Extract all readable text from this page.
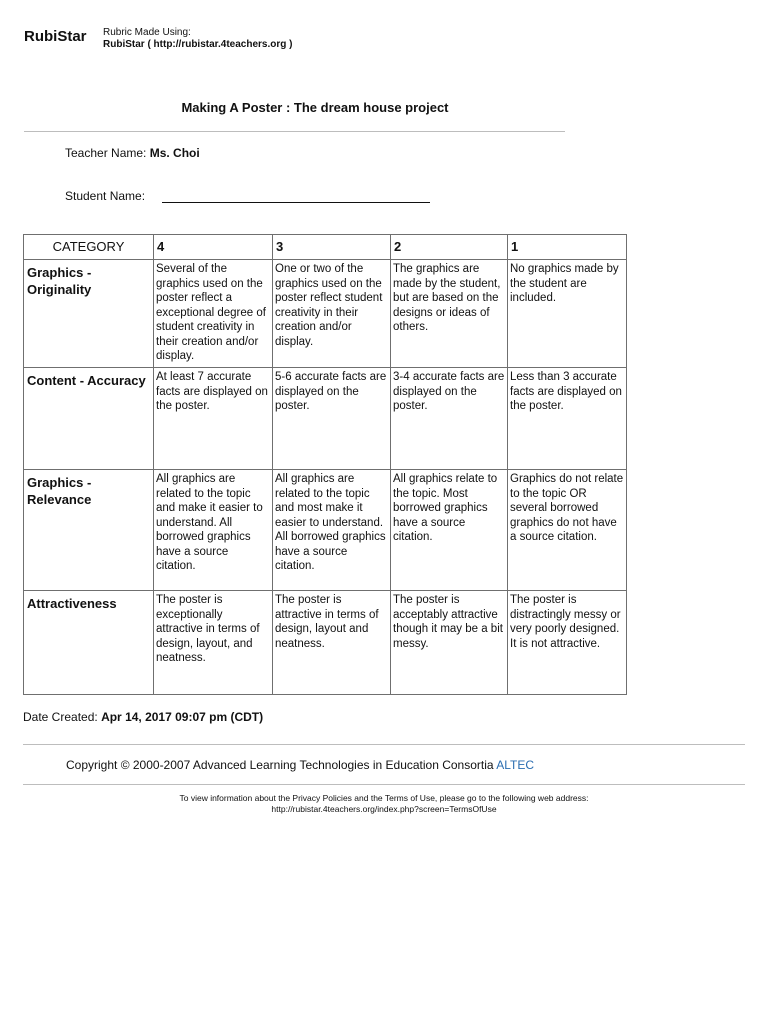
RubiStar Rubric Made Using:
RubiStar ( http://rubistar.4teachers.org )
Making A Poster : The dream house project
Teacher Name: Ms. Choi
Student Name:
CATEGORY	4	3	2	1
Graphics - Originality	Several of the graphics used on the poster reflect a exceptional degree of student creativity in their creation and/or display.	One or two of the graphics used on the poster reflect student creativity in their creation and/or display.	The graphics are made by the student, but are based on the designs or ideas of others.	No graphics made by the student are included.
Content - Accuracy	At least 7 accurate facts are displayed on the poster.	5-6 accurate facts are displayed on the poster.	3-4 accurate facts are displayed on the poster.	Less than 3 accurate facts are displayed on the poster.
Graphics - Relevance	All graphics are related to the topic and make it easier to understand. All borrowed graphics have a source citation.	All graphics are related to the topic and most make it easier to understand. All borrowed graphics have a source citation.	All graphics relate to the topic. Most borrowed graphics have a source citation.	Graphics do not relate to the topic OR several borrowed graphics do not have a source citation.
Attractiveness	The poster is exceptionally attractive in terms of design, layout, and neatness.	The poster is attractive in terms of design, layout and neatness.	The poster is acceptably attractive though it may be a bit messy.	The poster is distractingly messy or very poorly designed. It is not attractive.
Date Created: Apr 14, 2017 09:07 pm (CDT)
Copyright © 2000-2007 Advanced Learning Technologies in Education Consortia ALTEC
To view information about the Privacy Policies and the Terms of Use, please go to the following web address:
http://rubistar.4teachers.org/index.php?screen=TermsOfUse
